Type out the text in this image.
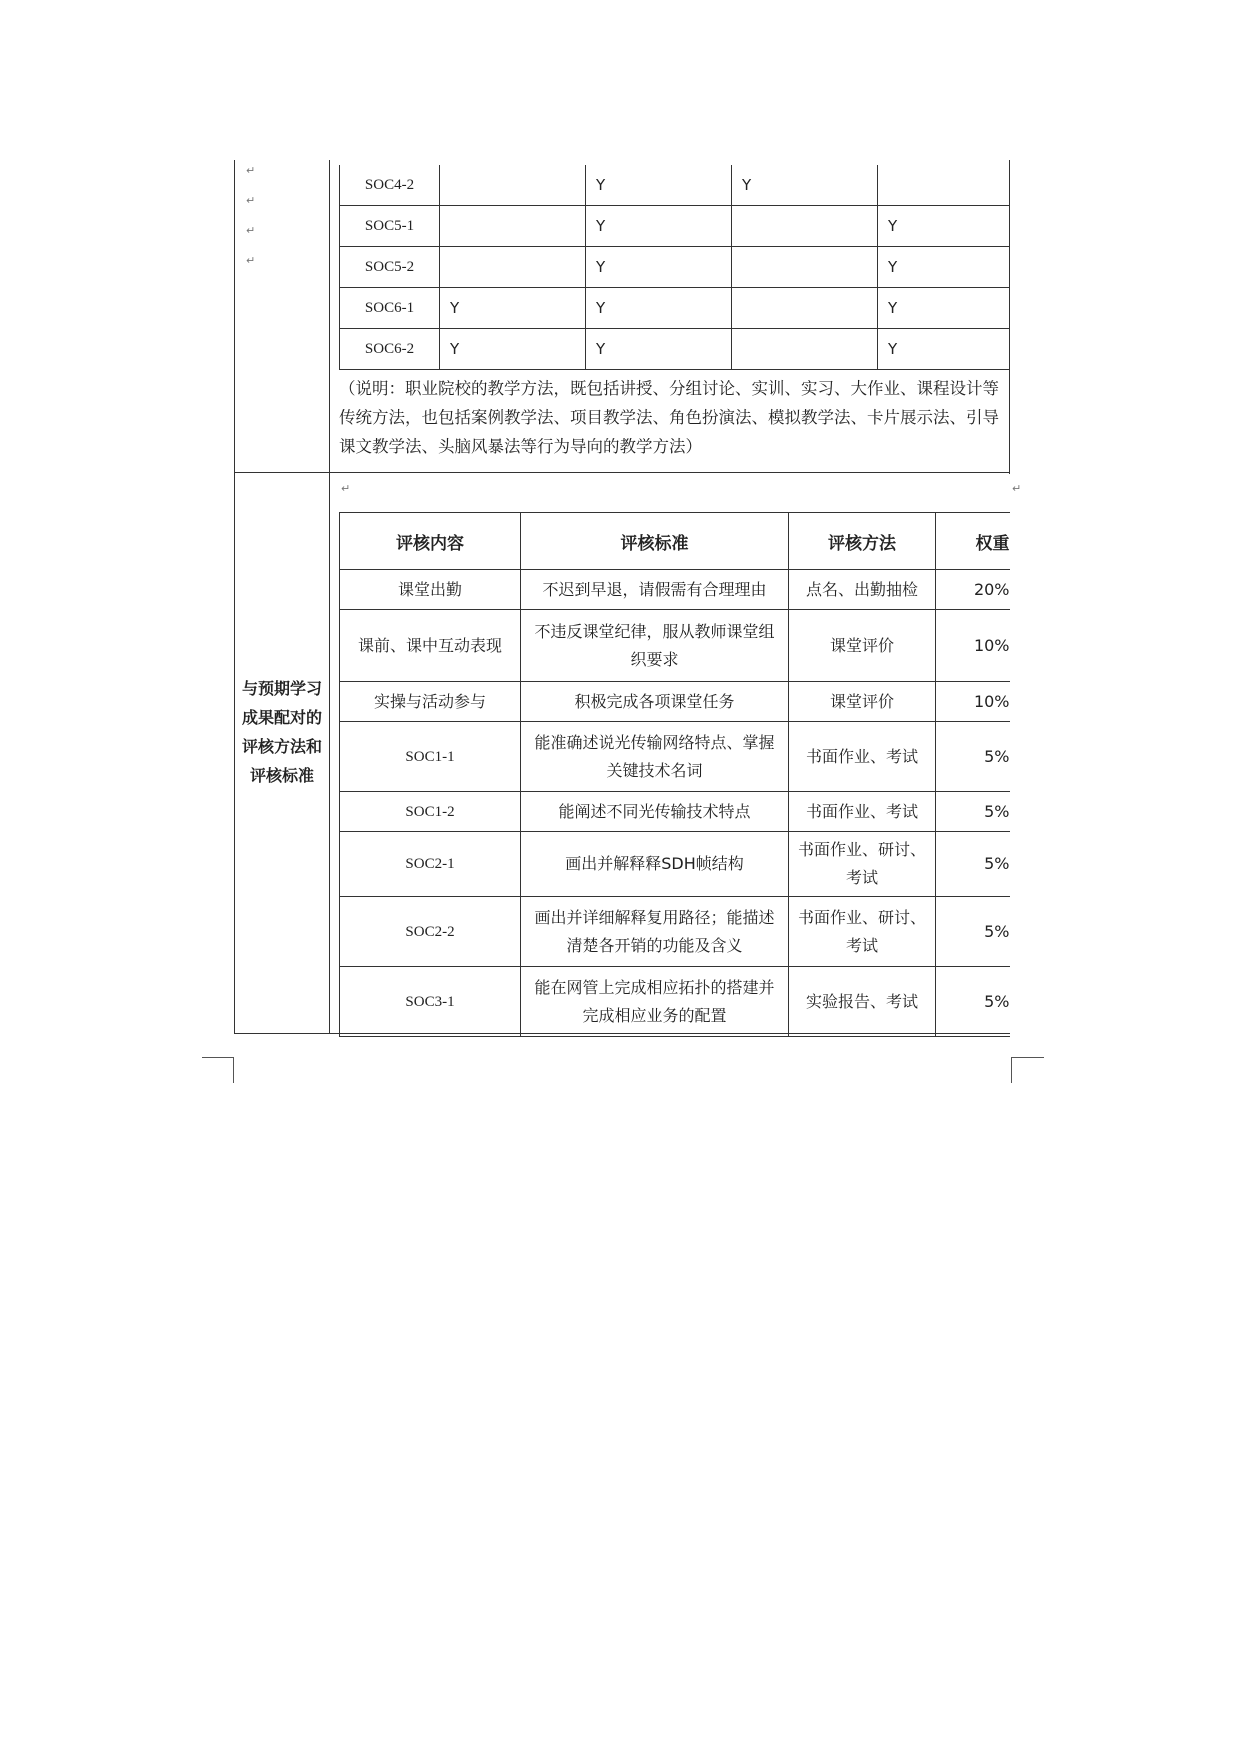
↵
↵
↵
↵
↵	↵
SOC4-2		Y	Y	
SOC5-1		Y		Y
SOC5-2		Y		Y
SOC6-1	Y	Y		Y
SOC6-2	Y	Y		Y
（说明：职业院校的教学方法，既包括讲授、分组讨论、实训、实习、大作业、课程设计等传统方法，也包括案例教学法、项目教学法、角色扮演法、模拟教学法、卡片展示法、引导课文教学法、头脑风暴法等行为导向的教学方法）
与预期学习成果配对的评核方法和评核标准
评核内容	评核标准	评核方法	权重
课堂出勤	不迟到早退，请假需有合理理由	点名、出勤抽检	20%
课前、课中互动表现	不违反课堂纪律，服从教师课堂组织要求	课堂评价	10%
实操与活动参与	积极完成各项课堂任务	课堂评价	10%
SOC1-1	能准确述说光传输网络特点、掌握关键技术名词	书面作业、考试	5%
SOC1-2	能阐述不同光传输技术特点	书面作业、考试	5%
SOC2-1	画出并解释释SDH帧结构	书面作业、研讨、考试	5%
SOC2-2	画出并详细解释复用路径；能描述清楚各开销的功能及含义	书面作业、研讨、考试	5%
SOC3-1	能在网管上完成相应拓扑的搭建并完成相应业务的配置	实验报告、考试	5%
